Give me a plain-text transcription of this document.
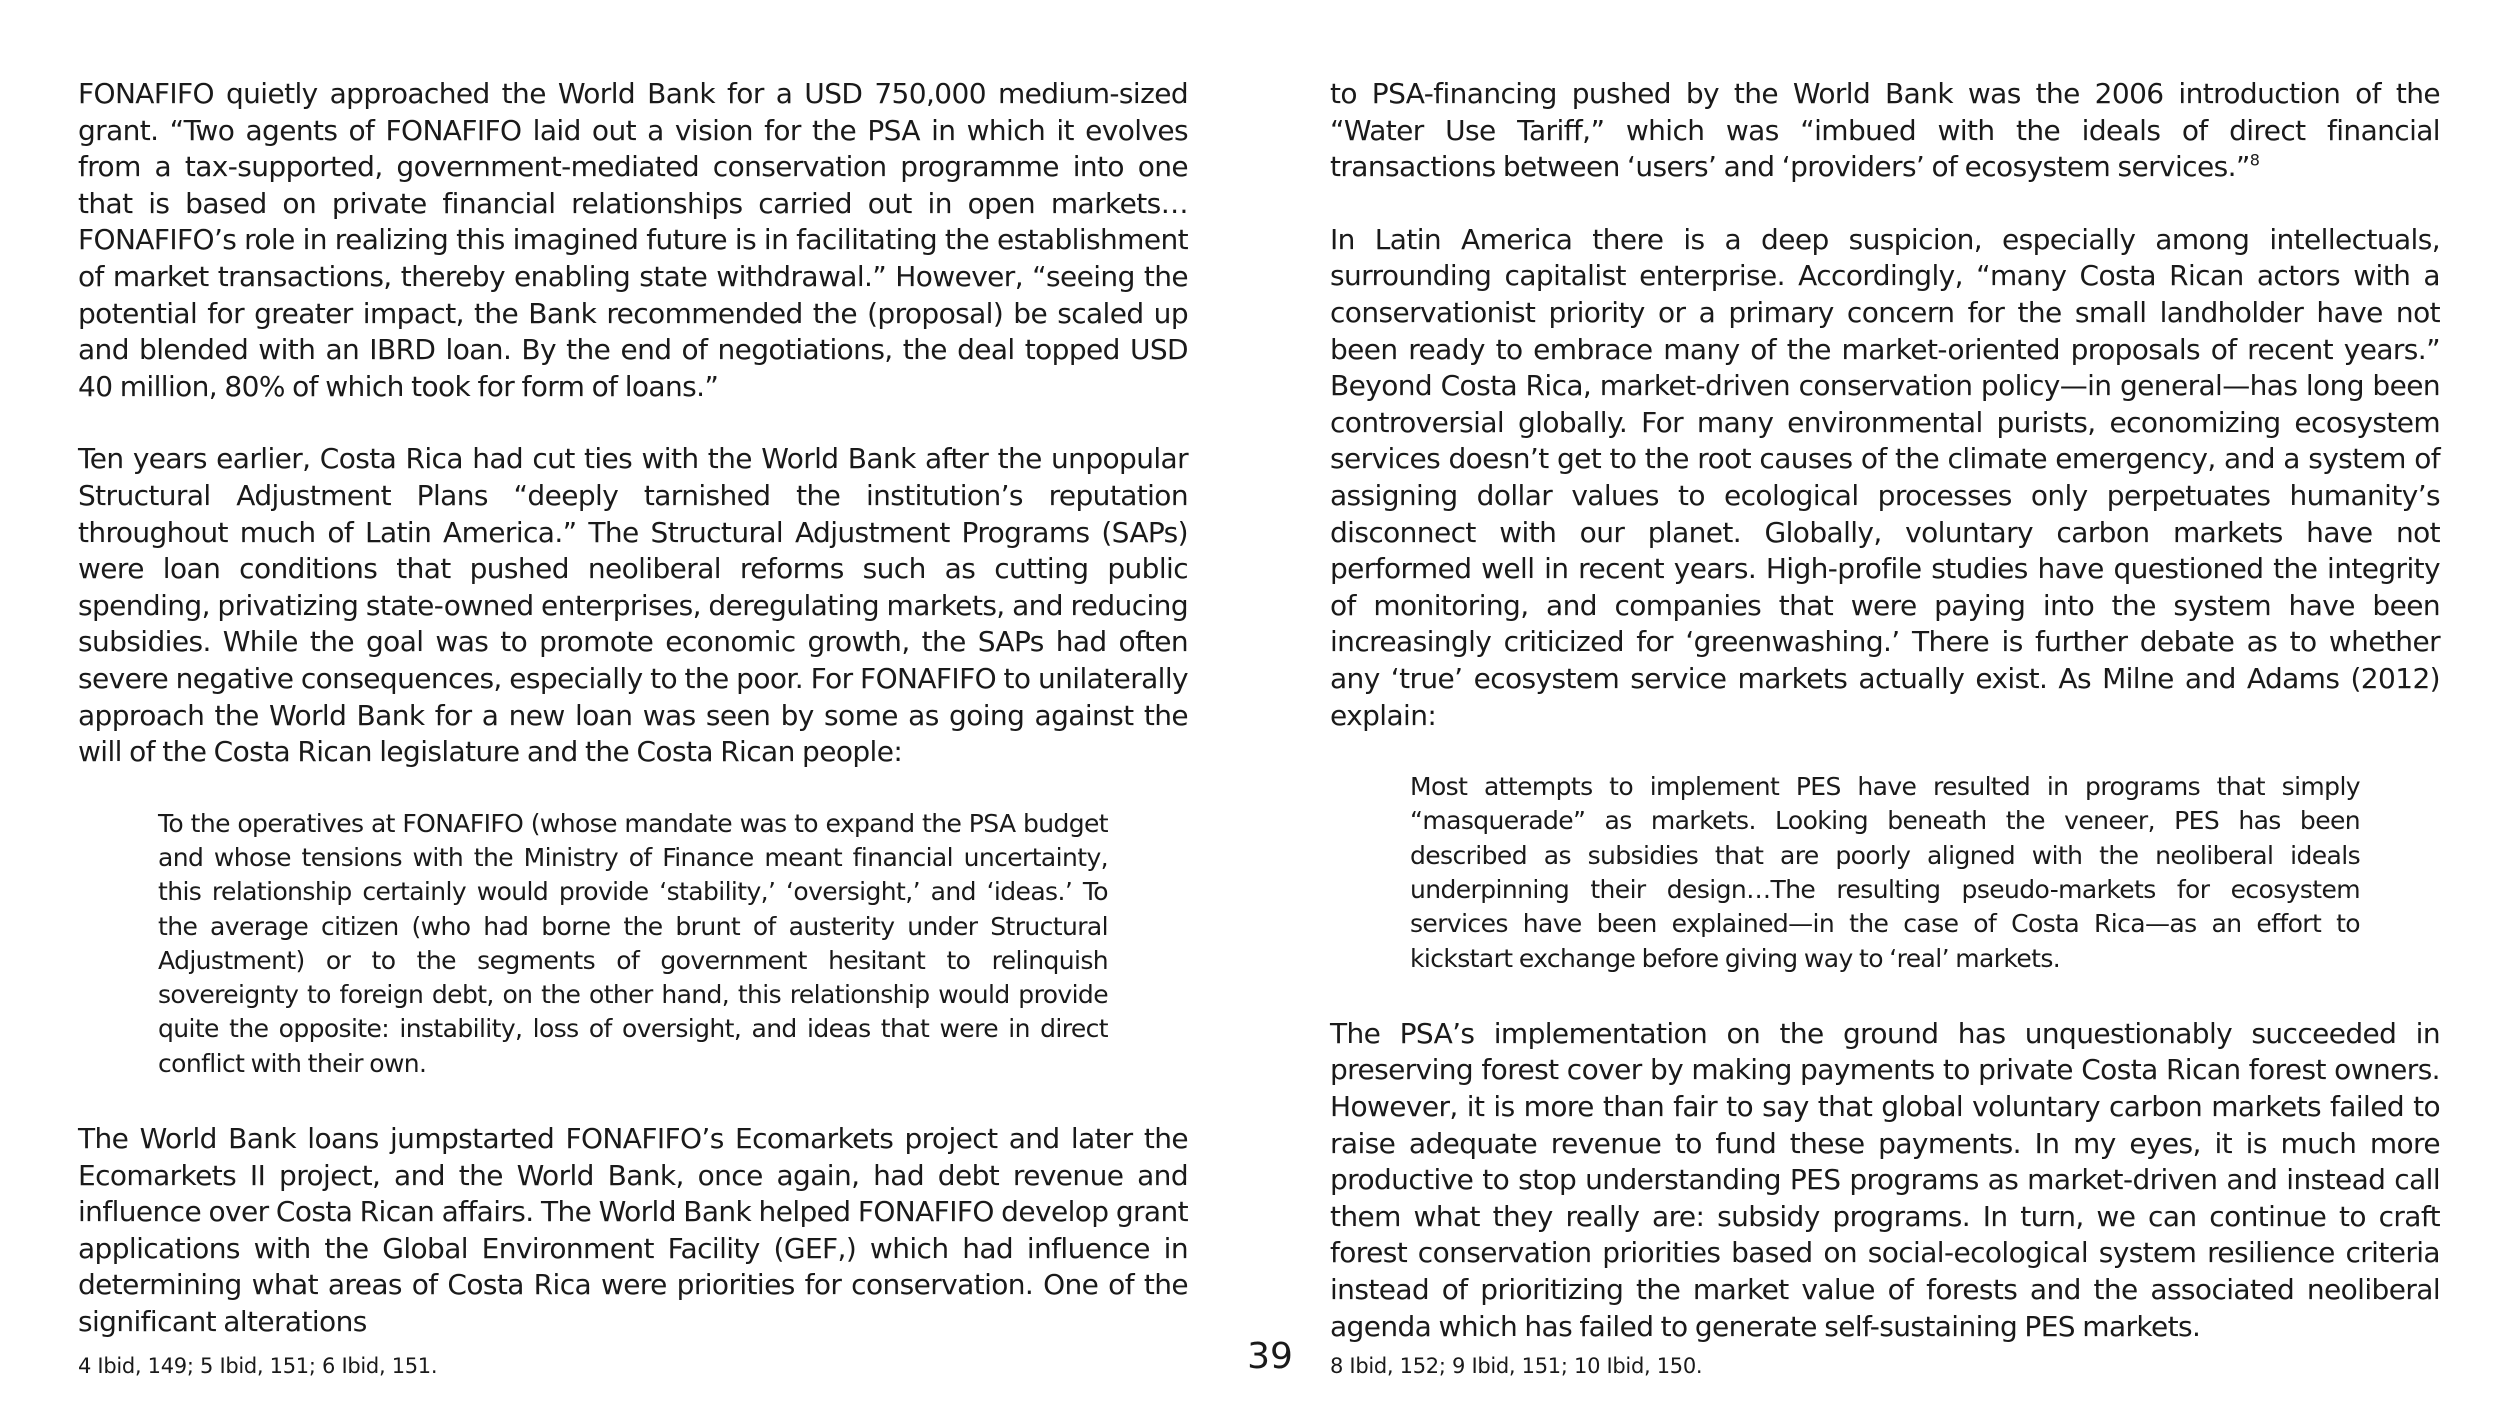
FONAFIFO quietly approached the World Bank for a USD 750,000 medium-sized grant. “Two agents of FONAFIFO laid out a vision for the PSA in which it evolves from a tax-supported, government-mediated conservation programme into one that is based on private financial relationships carried out in open markets…FONAFIFO’s role in realizing this imagined future is in facilitating the establishment of market transactions, thereby enabling state withdrawal.” However, “seeing the potential for greater impact, the Bank recommended the (proposal) be scaled up and blended with an IBRD loan. By the end of negotiations, the deal topped USD 40 million, 80% of which took for form of loans.”

Ten years earlier, Costa Rica had cut ties with the World Bank after the unpopular Structural Adjustment Plans “deeply tarnished the institution’s reputation throughout much of Latin America.” The Structural Adjustment Programs (SAPs) were loan conditions that pushed neoliberal reforms such as cutting public spending, privatizing state-owned enterprises, deregulating markets, and reducing subsidies. While the goal was to promote economic growth, the SAPs had often severe negative consequences, especially to the poor. For FONAFIFO to unilaterally approach the World Bank for a new loan was seen by some as going against the will of the Costa Rican legislature and the Costa Rican people:

To the operatives at FONAFIFO (whose mandate was to expand the PSA budget and whose tensions with the Ministry of Finance meant financial uncertainty, this relationship certainly would provide ‘stability,’ ‘oversight,’ and ‘ideas.’ To the average citizen (who had borne the brunt of austerity under Structural Adjustment) or to the segments of government hesitant to relinquish sovereignty to foreign debt, on the other hand, this relationship would provide quite the opposite: instability, loss of oversight, and ideas that were in direct conflict with their own.

The World Bank loans jumpstarted FONAFIFO’s Ecomarkets project and later the Ecomarkets II project, and the World Bank, once again, had debt revenue and influence over Costa Rican affairs. The World Bank helped FONAFIFO develop grant applications with the Global Environment Facility (GEF,) which had influence in determining what areas of Costa Rica were priorities for conservation. One of the significant alterations

to PSA-financing pushed by the World Bank was the 2006 introduction of the “Water Use Tariff,” which was “imbued with the ideals of direct financial transactions between ‘users’ and ‘providers’ of ecosystem services.”$^8$

In Latin America there is a deep suspicion, especially among intellectuals, surrounding capitalist enterprise. Accordingly, “many Costa Rican actors with a conservationist priority or a primary concern for the small landholder have not been ready to embrace many of the market-oriented proposals of recent years.” Beyond Costa Rica, market-driven conservation policy—in general—has long been controversial globally. For many environmental purists, economizing ecosystem services doesn’t get to the root causes of the climate emergency, and a system of assigning dollar values to ecological processes only perpetuates humanity’s disconnect with our planet. Globally, voluntary carbon markets have not performed well in recent years. High-profile studies have questioned the integrity of monitoring, and companies that were paying into the system have been increasingly criticized for ‘greenwashing.’ There is further debate as to whether any ‘true’ ecosystem service markets actually exist. As Milne and Adams (2012) explain:

Most attempts to implement PES have resulted in programs that simply “masquerade” as markets. Looking beneath the veneer, PES has been described as subsidies that are poorly aligned with the neoliberal ideals underpinning their design…The resulting pseudo-markets for ecosystem services have been explained—in the case of Costa Rica—as an effort to kickstart exchange before giving way to ‘real’ markets.

The PSA’s implementation on the ground has unquestionably succeeded in preserving forest cover by making payments to private Costa Rican forest owners. However, it is more than fair to say that global voluntary carbon markets failed to raise adequate revenue to fund these payments. In my eyes, it is much more productive to stop understanding PES programs as market-driven and instead call them what they really are: subsidy programs. In turn, we can continue to craft forest conservation priorities based on social-ecological system resilience criteria instead of prioritizing the market value of forests and the associated neoliberal agenda which has failed to generate self-sustaining PES markets.

4 Ibid, 149; 5 Ibid, 151; 6 Ibid, 151.	39	8 Ibid, 152; 9 Ibid, 151; 10 Ibid, 150.
